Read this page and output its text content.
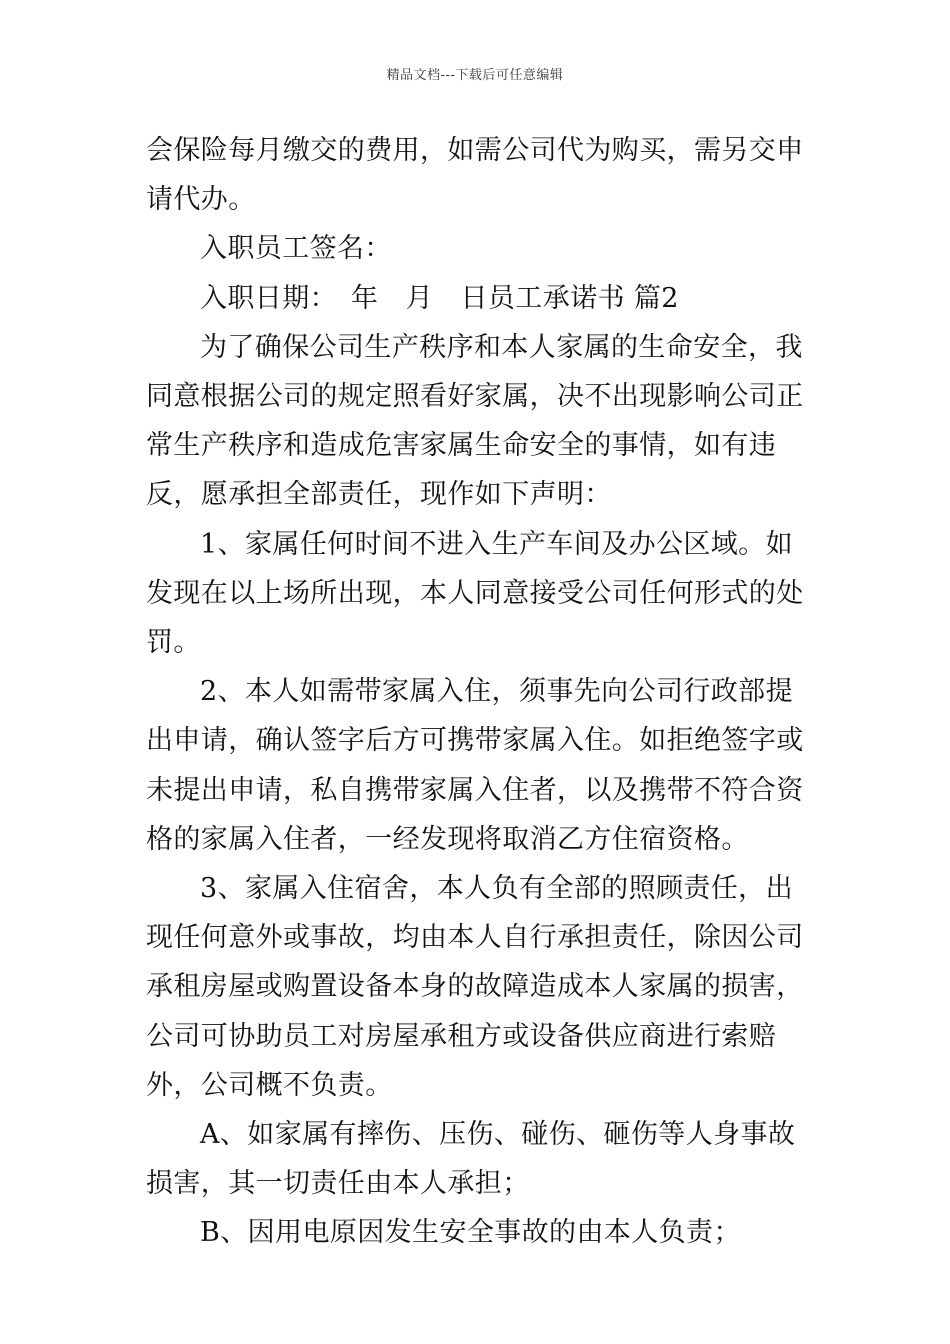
精品文档---下载后可任意编辑

会保险每月缴交的费用，如需公司代为购买，需另交申请代办。

入职员工签名：

入职日期：　年　月　日员工承诺书 篇2

为了确保公司生产秩序和本人家属的生命安全，我同意根据公司的规定照看好家属，决不出现影响公司正常生产秩序和造成危害家属生命安全的事情，如有违反，愿承担全部责任，现作如下声明：

1、家属任何时间不进入生产车间及办公区域。如发现在以上场所出现，本人同意接受公司任何形式的处罚。

2、本人如需带家属入住，须事先向公司行政部提出申请，确认签字后方可携带家属入住。如拒绝签字或未提出申请，私自携带家属入住者，以及携带不符合资格的家属入住者，一经发现将取消乙方住宿资格。

3、家属入住宿舍，本人负有全部的照顾责任，出现任何意外或事故，均由本人自行承担责任，除因公司承租房屋或购置设备本身的故障造成本人家属的损害，公司可协助员工对房屋承租方或设备供应商进行索赔外，公司概不负责。

A、如家属有摔伤、压伤、碰伤、砸伤等人身事故损害，其一切责任由本人承担；

B、因用电原因发生安全事故的由本人负责；
